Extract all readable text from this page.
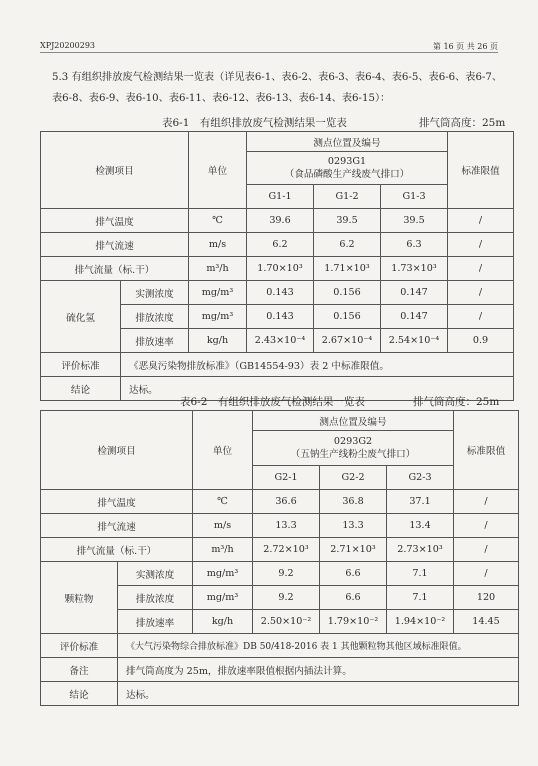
XPJ20200293	第 16 页 共 26 页
5.3 有组织排放废气检测结果一览表（详见表6-1、表6-2、表6-3、表6-4、表6-5、表6-6、表6-7、表6-8、表6-9、表6-10、表6-11、表6-12、表6-13、表6-14、表6-15）：
表6-1　有组织排放废气检测结果一览表	排气筒高度：25m
检测项目		单位	测点位置及编号			标准限值

			0293G1
（食品磷酸生产线废气排口）			

			G1-1	G1-2	G1-3	
排气温度		℃	39.6	39.5	39.5	/
排气流速		m/s	6.2	6.2	6.3	/
排气流量（标.干）		m³/h	1.70×10³	1.71×10³	1.73×10³	/
硫化氢	实测浓度	mg/m³	0.143	0.156	0.147	/
	排放浓度	mg/m³	0.143	0.156	0.147	/
	排放速率	kg/h	2.43×10⁻⁴	2.67×10⁻⁴	2.54×10⁻⁴	0.9
评价标准	《恶臭污染物排放标准》（GB14554-93）表 2 中标准限值。					
结论	达标。					
表6-2　有组织排放废气检测结果一览表	排气筒高度：25m
检测项目		单位	测点位置及编号			标准限值

			0293G2
（五钠生产线粉尘废气排口）			

			G2-1	G2-2	G2-3	
排气温度		℃	36.6	36.8	37.1	/
排气流速		m/s	13.3	13.3	13.4	/
排气流量（标.干）		m³/h	2.72×10³	2.71×10³	2.73×10³	/
颗粒物	实测浓度	mg/m³	9.2	6.6	7.1	/
	排放浓度	mg/m³	9.2	6.6	7.1	120
	排放速率	kg/h	2.50×10⁻²	1.79×10⁻²	1.94×10⁻²	14.45
评价标准	《大气污染物综合排放标准》DB 50/418-2016 表 1 其他颗粒物其他区域标准限值。					
备注	排气筒高度为 25m，排放速率限值根据内插法计算。					
结论	达标。					
